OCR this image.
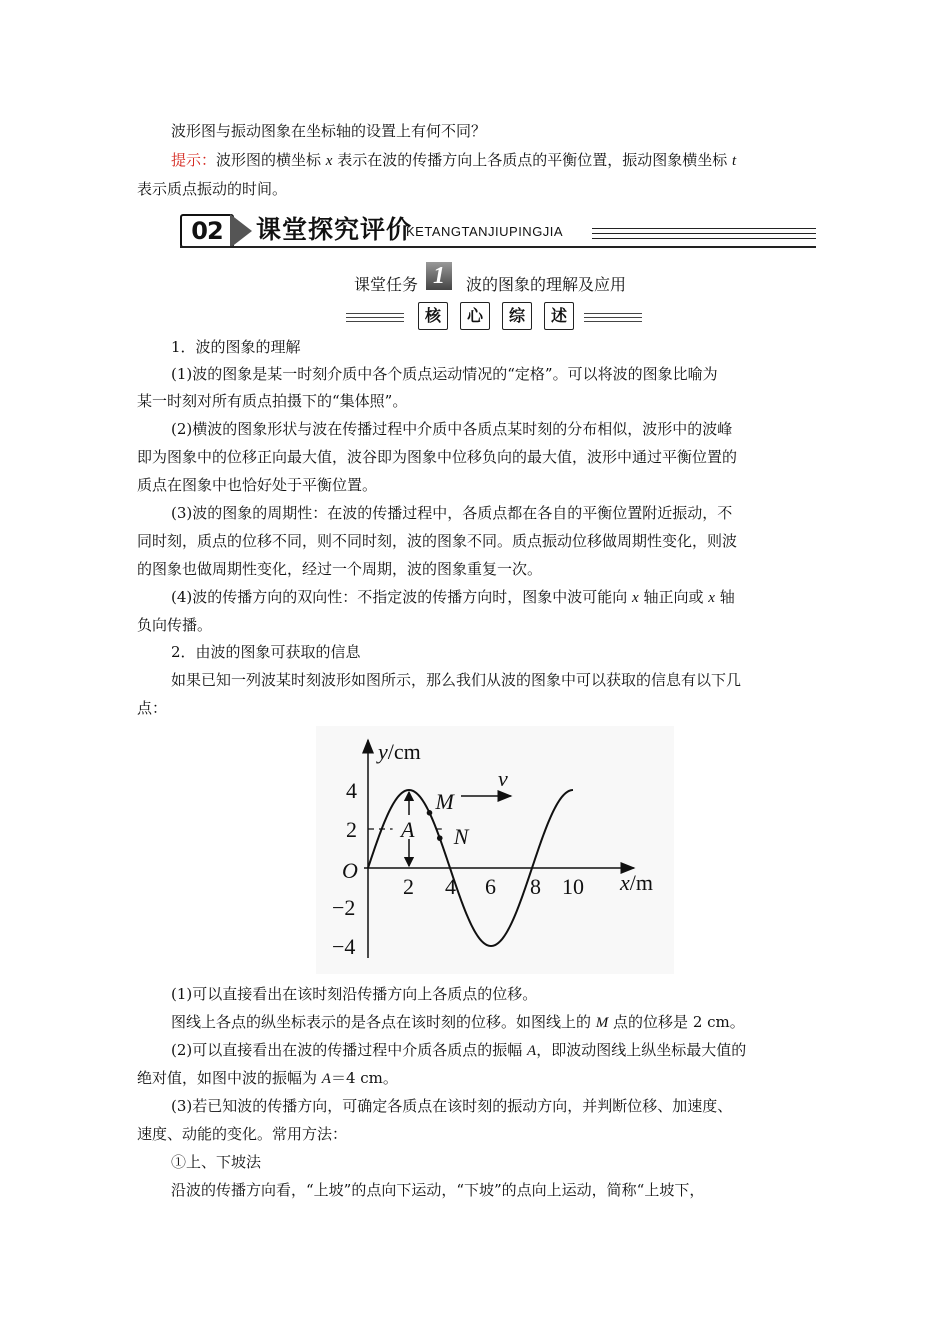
波形图与振动图象在坐标轴的设置上有何不同？
提示：波形图的横坐标 x 表示在波的传播方向上各质点的平衡位置，振动图象横坐标 t
表示质点振动的时间。
02	课堂探究评价
KETANGTANJIUPINGJIA
课堂任务 1	波的图象的理解及应用
核	心	综	述
1．波的图象的理解
(1)波的图象是某一时刻介质中各个质点运动情况的“定格”。可以将波的图象比喻为
某一时刻对所有质点拍摄下的“集体照”。
(2)横波的图象形状与波在传播过程中介质中各质点某时刻的分布相似，波形中的波峰
即为图象中的位移正向最大值，波谷即为图象中位移负向的最大值，波形中通过平衡位置的
质点在图象中也恰好处于平衡位置。
(3)波的图象的周期性：在波的传播过程中，各质点都在各自的平衡位置附近振动，不
同时刻，质点的位移不同，则不同时刻，波的图象不同。质点振动位移做周期性变化，则波
的图象也做周期性变化，经过一个周期，波的图象重复一次。
(4)波的传播方向的双向性：不指定波的传播方向时，图象中波可能向 x 轴正向或 x 轴
负向传播。
2．由波的图象可获取的信息
如果已知一列波某时刻波形如图所示，那么我们从波的图象中可以获取的信息有以下几
点：
y/cm
x/m
O
2 4 6 8 10
4
2
−2
−4
A
M
N
v
(1)可以直接看出在该时刻沿传播方向上各质点的位移。
图线上各点的纵坐标表示的是各点在该时刻的位移。如图线上的 M 点的位移是 2 cm。
(2)可以直接看出在波的传播过程中介质各质点的振幅 A，即波动图线上纵坐标最大值的
绝对值，如图中波的振幅为 A＝4 cm。
(3)若已知波的传播方向，可确定各质点在该时刻的振动方向，并判断位移、加速度、
速度、动能的变化。常用方法：
①上、下坡法
沿波的传播方向看，“上坡”的点向下运动，“下坡”的点向上运动，简称“上坡下，
